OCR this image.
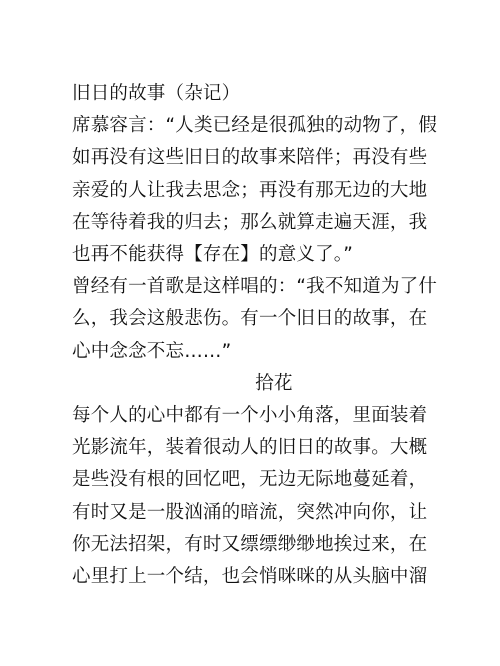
旧日的故事（杂记）
席慕容言：“人类已经是很孤独的动物了，假
如再没有这些旧日的故事来陪伴；再没有些
亲爱的人让我去思念；再没有那无边的大地
在等待着我的归去；那么就算走遍天涯，我
也再不能获得【存在】的意义了。”
曾经有一首歌是这样唱的：“我不知道为了什
么，我会这般悲伤。有一个旧日的故事，在
心中念念不忘……”
拾花
每个人的心中都有一个小小角落，里面装着
光影流年，装着很动人的旧日的故事。大概
是些没有根的回忆吧，无边无际地蔓延着，
有时又是一股汹涌的暗流，突然冲向你，让
你无法招架，有时又缥缥缈缈地挨过来，在
心里打上一个结，也会悄咪咪的从头脑中溜
